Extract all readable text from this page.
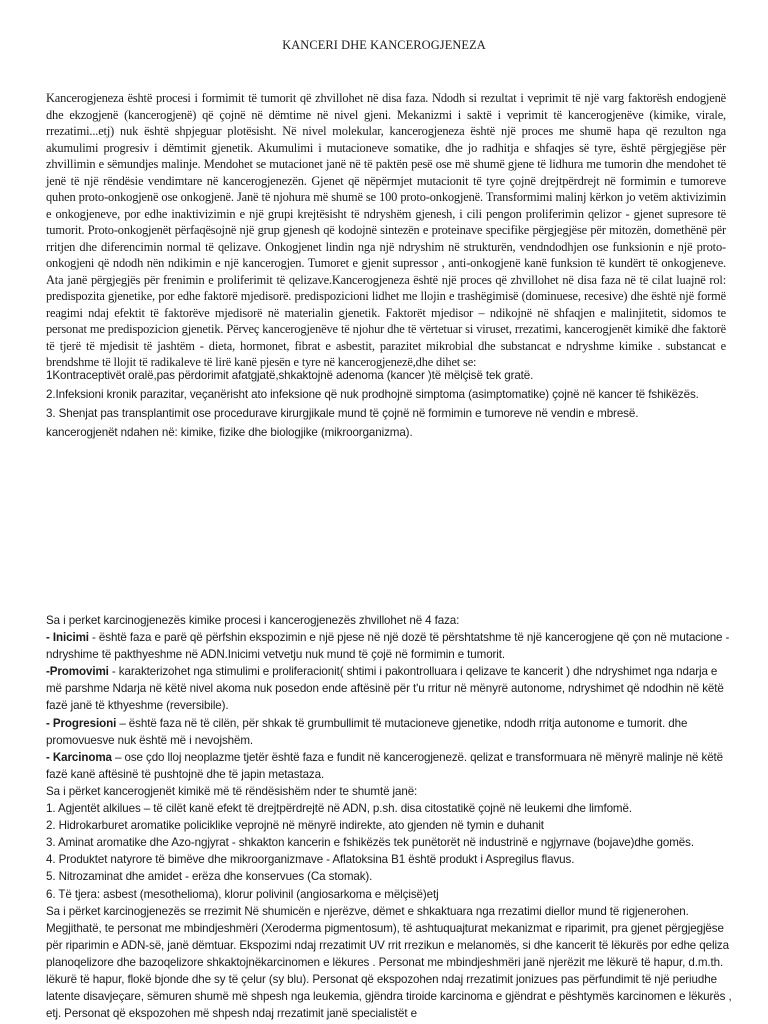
KANCERI DHE KANCEROGJENEZA
Kancerogjeneza është procesi i formimit të tumorit që zhvillohet në disa faza. Ndodh si rezultat i veprimit të një varg faktorësh endogjenë dhe ekzogjenë (kancerogjenë) që çojnë në dëmtime në nivel gjeni. Mekanizmi i saktë i veprimit të kancerogjenëve (kimike, virale, rrezatimi...etj) nuk është shpjeguar plotësisht. Në nivel molekular, kancerogjeneza është një proces me shumë hapa që rezulton nga akumulimi progresiv i dëmtimit gjenetik. Akumulimi i mutacioneve somatike, dhe jo radhitja e shfaqjes së tyre, është përgjegjëse për zhvillimin e sëmundjes malinje. Mendohet se mutacionet janë në të paktën pesë ose më shumë gjene të lidhura me tumorin dhe mendohet të jenë të një rëndësie vendimtare në kancerogjenezën. Gjenet që nëpërmjet mutacionit të tyre çojnë drejtpërdrejt në formimin e tumoreve quhen proto-onkogjenë ose onkogjenë. Janë të njohura më shumë se 100 proto-onkogjenë. Transformimi malinj kërkon jo vetëm aktivizimin e onkogjeneve, por edhe inaktivizimin e një grupi krejtësisht të ndryshëm gjenesh, i cili pengon proliferimin qelizor - gjenet supresore të tumorit. Proto-onkogjenët përfaqësojnë një grup gjenesh që kodojnë sintezën e proteinave specifike përgjegjëse për mitozën, domethënë për rritjen dhe diferencimin normal të qelizave. Onkogjenet lindin nga një ndryshim në strukturën, vendndodhjen ose funksionin e një proto-onkogjeni që ndodh nën ndikimin e një kancerogjen. Tumoret e gjenit supressor , anti-onkogjenë kanë funksion të kundërt të onkogjeneve. Ata janë përgjegjës për frenimin e proliferimit të qelizave.Kancerogjeneza është një proces që zhvillohet në disa faza në të cilat luajnë rol: predispozita gjenetike, por edhe faktorë mjedisorë. predispozicioni lidhet me llojin e trashëgimisë (dominuese, recesive) dhe është një formë reagimi ndaj efektit të faktorëve mjedisorë në materialin gjenetik. Faktorët mjedisor – ndikojnë në shfaqjen e malinjitetit, sidomos te personat me predispozicion gjenetik. Përveç kancerogjenëve të njohur dhe të vërtetuar si viruset, rrezatimi, kancerogjenët kimikë dhe faktorë të tjerë të mjedisit të jashtëm - dieta, hormonet, fibrat e asbestit, parazitet mikrobial dhe substancat e ndryshme kimike . substancat e brendshme të llojit të radikaleve të lirë kanë pjesën e tyre në kancerogjenezë,dhe dihet se:
1Kontraceptivët oralë,pas përdorimit afatgjatë,shkaktojnë adenoma (kancer )të mëlçisë tek gratë.
2.Infeksioni kronik parazitar, veçanërisht ato infeksione që nuk prodhojnë simptoma (asimptomatike) çojnë në kancer të fshikëzës.
3. Shenjat pas transplantimit ose procedurave kirurgjikale mund të çojnë në formimin e tumoreve në vendin e mbresë.
kancerogjenët ndahen në: kimike, fizike dhe biologjike (mikroorganizma).

Sa i perket karcinogjenezës kimike procesi i kancerogjenezës zhvillohet në 4 faza:

- Inicimi - është faza e parë që përfshin ekspozimin e një pjese në një dozë të përshtatshme të një kancerogjene që çon në mutacione - ndryshime të pakthyeshme në ADN.Inicimi vetvetju nuk mund të çojë në formimin e tumorit.

-Promovimi - karakterizohet nga stimulimi e proliferacionit( shtimi i pakontrolluara i qelizave te kancerit ) dhe ndryshimet nga ndarja e më parshme Ndarja në këtë nivel akoma nuk posedon ende aftësinë për t'u rritur në mënyrë autonome, ndryshimet që ndodhin në këtë fazë janë të kthyeshme (reversibile).

- Progresioni – është faza në të cilën, për shkak të grumbullimit të mutacioneve gjenetike, ndodh rritja autonome e tumorit. dhe promovuesve nuk është më i nevojshëm.

- Karcinoma – ose çdo lloj neoplazme tjetër është faza e fundit në kancerogjenezë. qelizat e transformuara në mënyrë malinje në këtë fazë kanë aftësinë të pushtojnë dhe të japin metastaza.

Sa i përket kancerogjenët kimikë më të rëndësishëm nder te shumtë janë:

1. Agjentët alkilues – të cilët kanë efekt të drejtpërdrejtë në ADN, p.sh. disa citostatikë çojnë në leukemi dhe limfomë.

2. Hidrokarburet aromatike policiklike veprojnë në mënyrë indirekte, ato gjenden në tymin e duhanit

3. Aminat aromatike dhe Azo-ngjyrat - shkakton kancerin e fshikëzës tek punëtorët në industrinë e ngjyrnave (bojave)dhe gomës.

4. Produktet natyrore të bimëve dhe mikroorganizmave - Aflatoksina B1 është produkt i Aspregilus flavus.

5. Nitrozaminat dhe amidet - erëza dhe konservues (Ca stomak).

6. Të tjera: asbest (mesothelioma), klorur polivinil (angiosarkoma e mëlçisë)etj

Sa i përket karcinogjenezës se rrezimit Në shumicën e njerëzve, dëmet e shkaktuara nga rrezatimi diellor mund të rigjenerohen. Megjithatë, te personat me mbindjeshmëri (Xeroderma pigmentosum), të ashtuquajturat mekanizmat e riparimit, pra gjenet përgjegjëse për riparimin e ADN-së, janë dëmtuar. Ekspozimi ndaj rrezatimit UV rrit rrezikun e melanomës, si dhe kancerit të lëkurës por edhe qeliza planoqelizore dhe bazoqelizore shkaktojnëkarcinomen e lëkures . Personat me mbindjeshmëri janë njerëzit me lëkurë të hapur, d.m.th. lëkurë të hapur, flokë bjonde dhe sy të çelur (sy blu). Personat që ekspozohen ndaj rrezatimit jonizues pas përfundimit të një periudhe latente disavjeçare, sëmuren shumë më shpesh nga leukemia, gjëndra tiroide karcinoma e gjëndrat e pështymës karcinomen e lëkurës , etj. Personat që ekspozohen më shpesh ndaj rrezatimit janë specialistët e
